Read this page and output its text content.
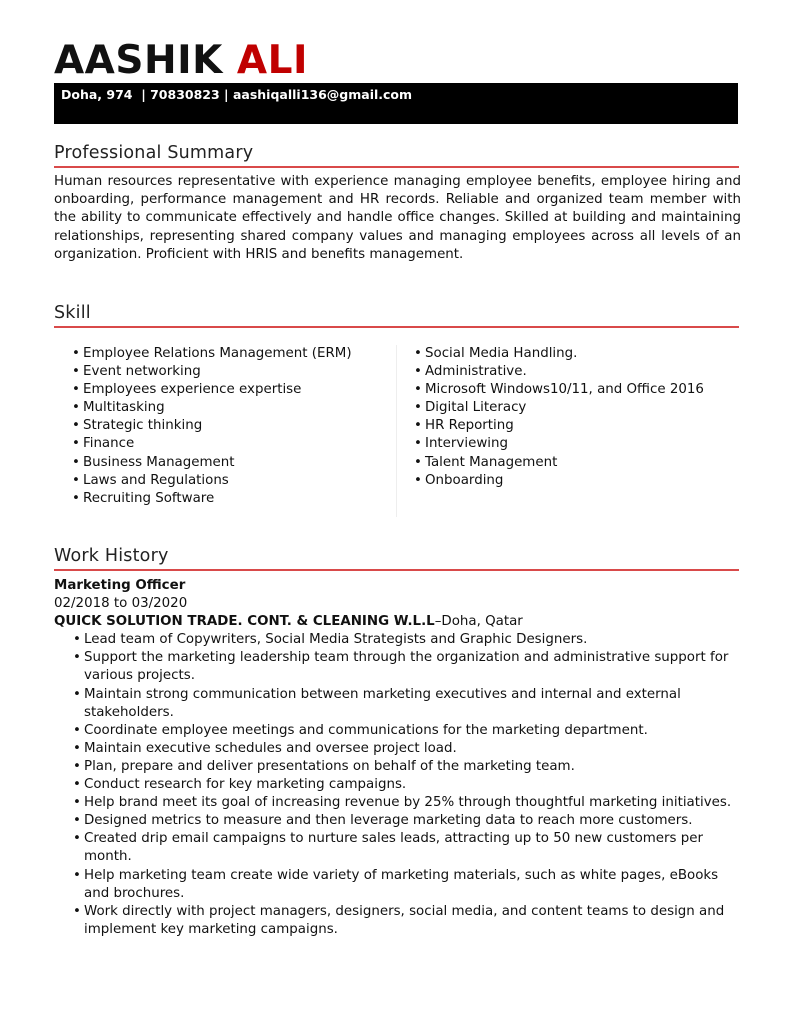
AASHIK ALI
Doha, 974  | 70830823 | aashiqalli136@gmail.com
Professional Summary
Human resources representative with experience managing employee benefits, employee hiring and onboarding, performance management and HR records. Reliable and organized team member with the ability to communicate effectively and handle office changes. Skilled at building and maintaining relationships, representing shared company values and managing employees across all levels of an organization. Proficient with HRIS and benefits management.
Skill
• Employee Relations Management (ERM)
• Event networking
• Employees experience expertise
• Multitasking
• Strategic thinking
• Finance
• Business Management
• Laws and Regulations
• Recruiting Software
• Social Media Handling.
• Administrative.
• Microsoft Windows10/11, and Office 2016
• Digital Literacy
• HR Reporting
• Interviewing
• Talent Management
• Onboarding
Work History
Marketing Officer
02/2018 to 03/2020
QUICK SOLUTION TRADE. CONT. & CLEANING W.L.L–Doha, Qatar
• Lead team of Copywriters, Social Media Strategists and Graphic Designers.
• Support the marketing leadership team through the organization and administrative support for various projects.
• Maintain strong communication between marketing executives and internal and external stakeholders.
• Coordinate employee meetings and communications for the marketing department.
• Maintain executive schedules and oversee project load.
• Plan, prepare and deliver presentations on behalf of the marketing team.
• Conduct research for key marketing campaigns.
• Help brand meet its goal of increasing revenue by 25% through thoughtful marketing initiatives.
• Designed metrics to measure and then leverage marketing data to reach more customers.
• Created drip email campaigns to nurture sales leads, attracting up to 50 new customers per month.
• Help marketing team create wide variety of marketing materials, such as white pages, eBooks and brochures.
• Work directly with project managers, designers, social media, and content teams to design and implement key marketing campaigns.
